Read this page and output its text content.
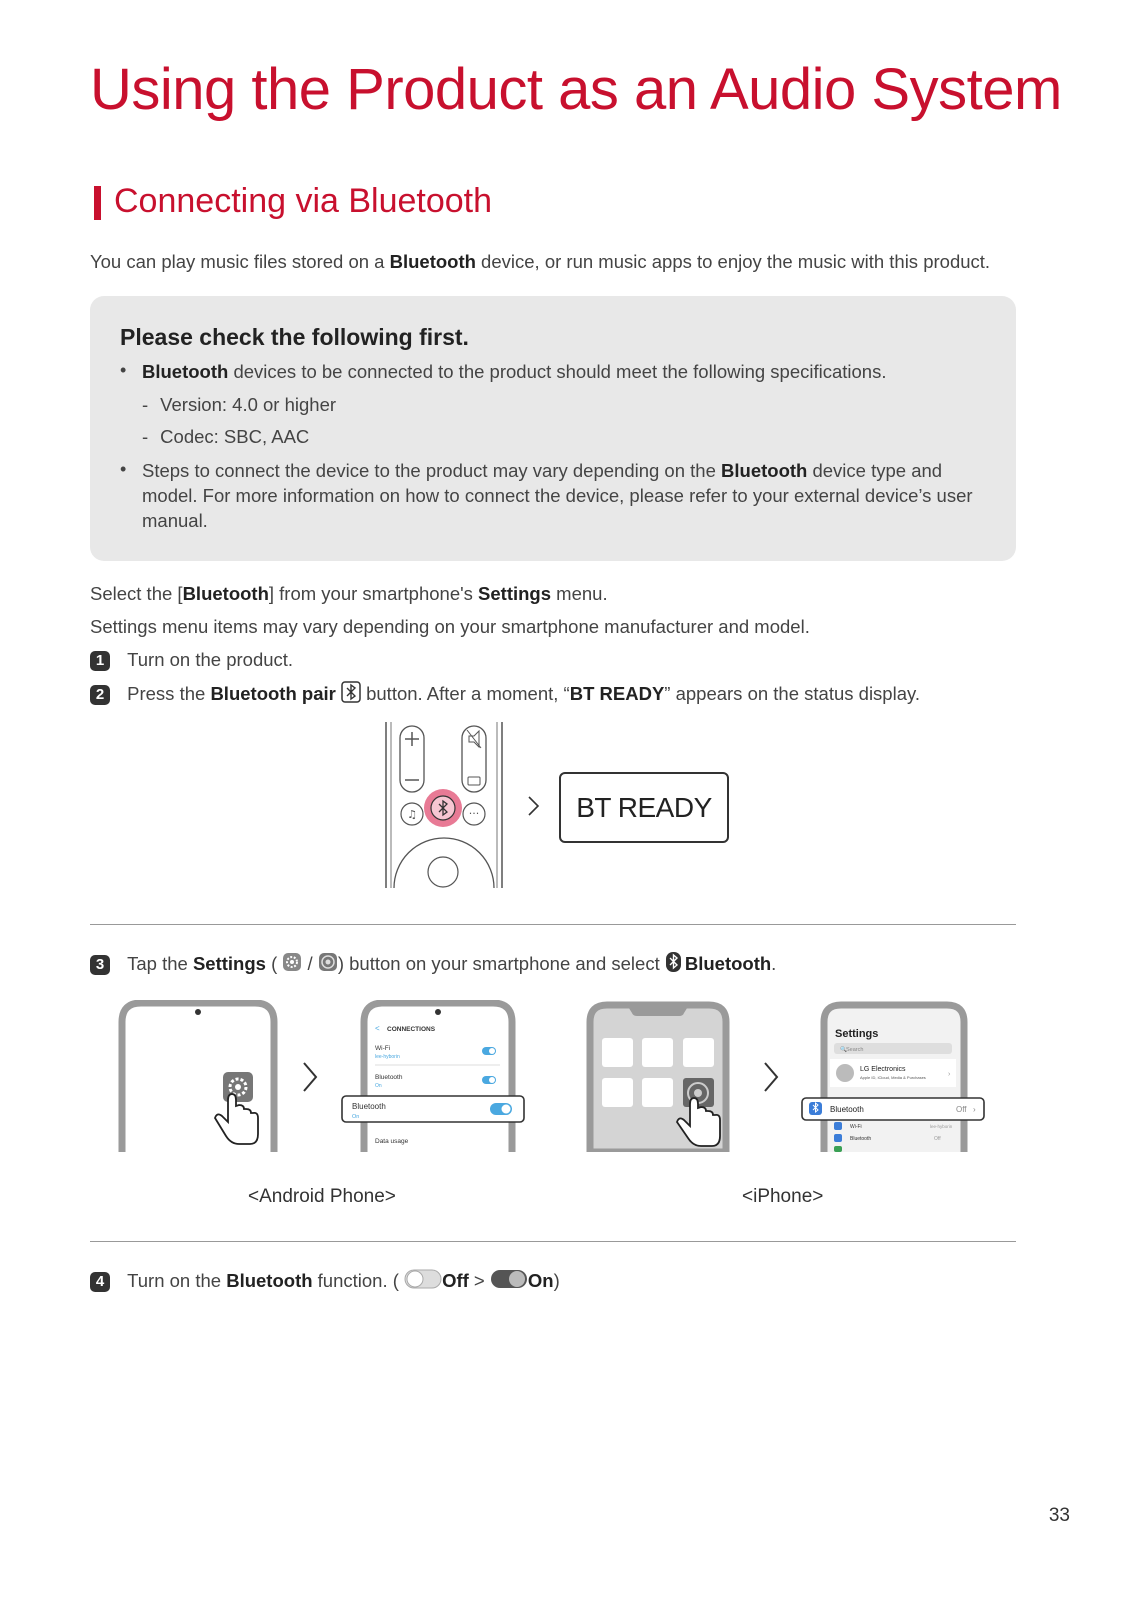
Using the Product as an Audio System
Connecting via Bluetooth
You can play music files stored on a Bluetooth device, or run music apps to enjoy the music with this product.
Please check the following first.
• Bluetooth devices to be connected to the product should meet the following specifications.
- Version: 4.0 or higher
- Codec: SBC, AAC
• Steps to connect the device to the product may vary depending on the Bluetooth device type and
model. For more information on how to connect the device, please refer to your external device’s user
manual.
Select the [Bluetooth] from your smartphone's Settings menu.
Settings menu items may vary depending on your smartphone manufacturer and model.
1 Turn on the product.
2 Press the Bluetooth pair  button. After a moment, “BT READY” appears on the status display.
♫	···	BT READY
3 Tap the Settings (  / ) button on your smartphone and select Bluetooth.
< CONNECTIONS
Wi-Fi
lee-hyborin
Bluetooth
On
Bluetooth
On
Data usage
Settings
🔍 Search
LG Electronics
Apple ID, iCloud, Media & Purchases	›
Bluetooth	Off ›
Wi-Fi	lee-hyborin
Bluetooth	Off
<Android Phone>	<iPhone>
4 Turn on the Bluetooth function. ( Off > On)
33
